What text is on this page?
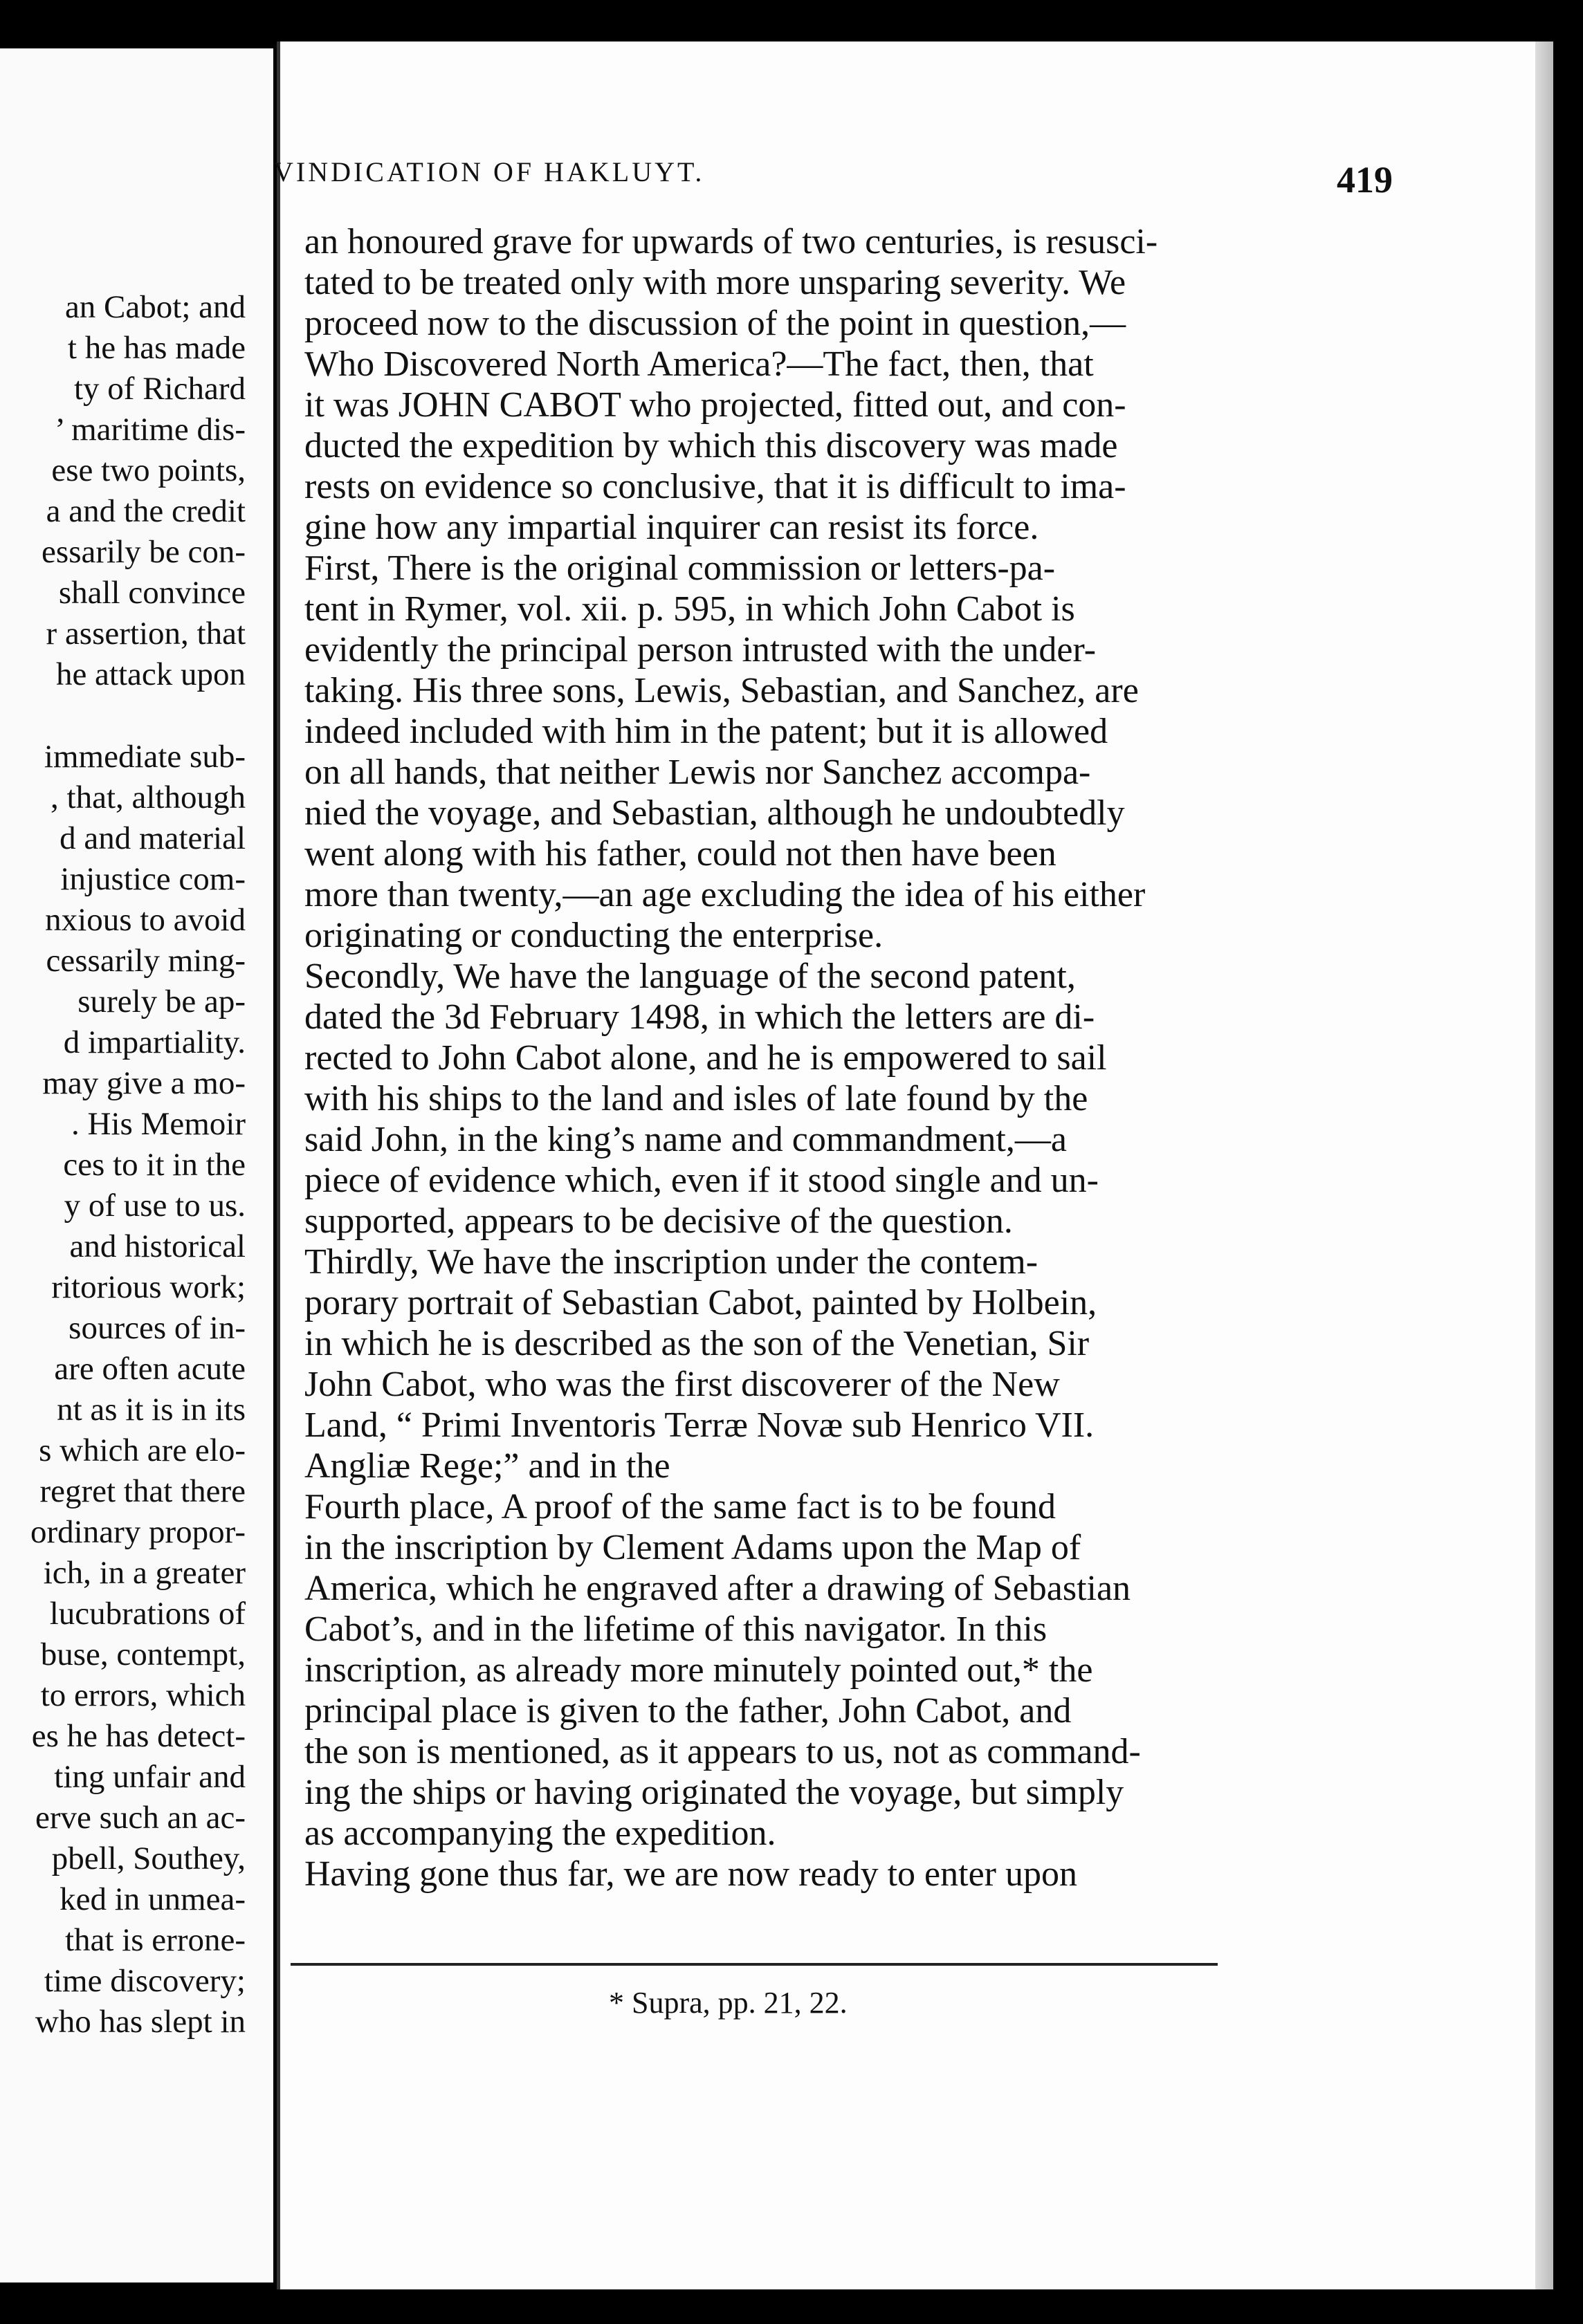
an Cabot; and
t he has made
ty of Richard
’ maritime dis-
ese two points,
a and the credit
essarily be con-
shall convince
r assertion, that
he attack upon
immediate sub-
, that, although
d and material
injustice com-
nxious to avoid
cessarily ming-
surely be ap-
d impartiality.
may give a mo-
. His Memoir
ces to it in the
y of use to us.
and historical
ritorious work;
sources of in-
are often acute
nt as it is in its
s which are elo-
regret that there
ordinary propor-
ich, in a greater
lucubrations of
buse, contempt,
to errors, which
es he has detect-
ting unfair and
erve such an ac-
pbell, Southey,
ked in unmea-
that is errone-
time discovery;
who has slept in
VINDICATION OF HAKLUYT.	419
an honoured grave for upwards of two centuries, is resusci-
tated to be treated only with more unsparing severity. We
proceed now to the discussion of the point in question,—
Who Discovered North America?—The fact, then, that
it was JOHN CABOT who projected, fitted out, and con-
ducted the expedition by which this discovery was made
rests on evidence so conclusive, that it is difficult to ima-
gine how any impartial inquirer can resist its force.
First, There is the original commission or letters-pa-
tent in Rymer, vol. xii. p. 595, in which John Cabot is
evidently the principal person intrusted with the under-
taking. His three sons, Lewis, Sebastian, and Sanchez, are
indeed included with him in the patent; but it is allowed
on all hands, that neither Lewis nor Sanchez accompa-
nied the voyage, and Sebastian, although he undoubtedly
went along with his father, could not then have been
more than twenty,—an age excluding the idea of his either
originating or conducting the enterprise.
Secondly, We have the language of the second patent,
dated the 3d February 1498, in which the letters are di-
rected to John Cabot alone, and he is empowered to sail
with his ships to the land and isles of late found by the
said John, in the king’s name and commandment,—a
piece of evidence which, even if it stood single and un-
supported, appears to be decisive of the question.
Thirdly, We have the inscription under the contem-
porary portrait of Sebastian Cabot, painted by Holbein,
in which he is described as the son of the Venetian, Sir
John Cabot, who was the first discoverer of the New
Land, “ Primi Inventoris Terræ Novæ sub Henrico VII.
Angliæ Rege;” and in the
Fourth place, A proof of the same fact is to be found
in the inscription by Clement Adams upon the Map of
America, which he engraved after a drawing of Sebastian
Cabot’s, and in the lifetime of this navigator. In this
inscription, as already more minutely pointed out,* the
principal place is given to the father, John Cabot, and
the son is mentioned, as it appears to us, not as command-
ing the ships or having originated the voyage, but simply
as accompanying the expedition.
Having gone thus far, we are now ready to enter upon
* Supra, pp. 21, 22.
